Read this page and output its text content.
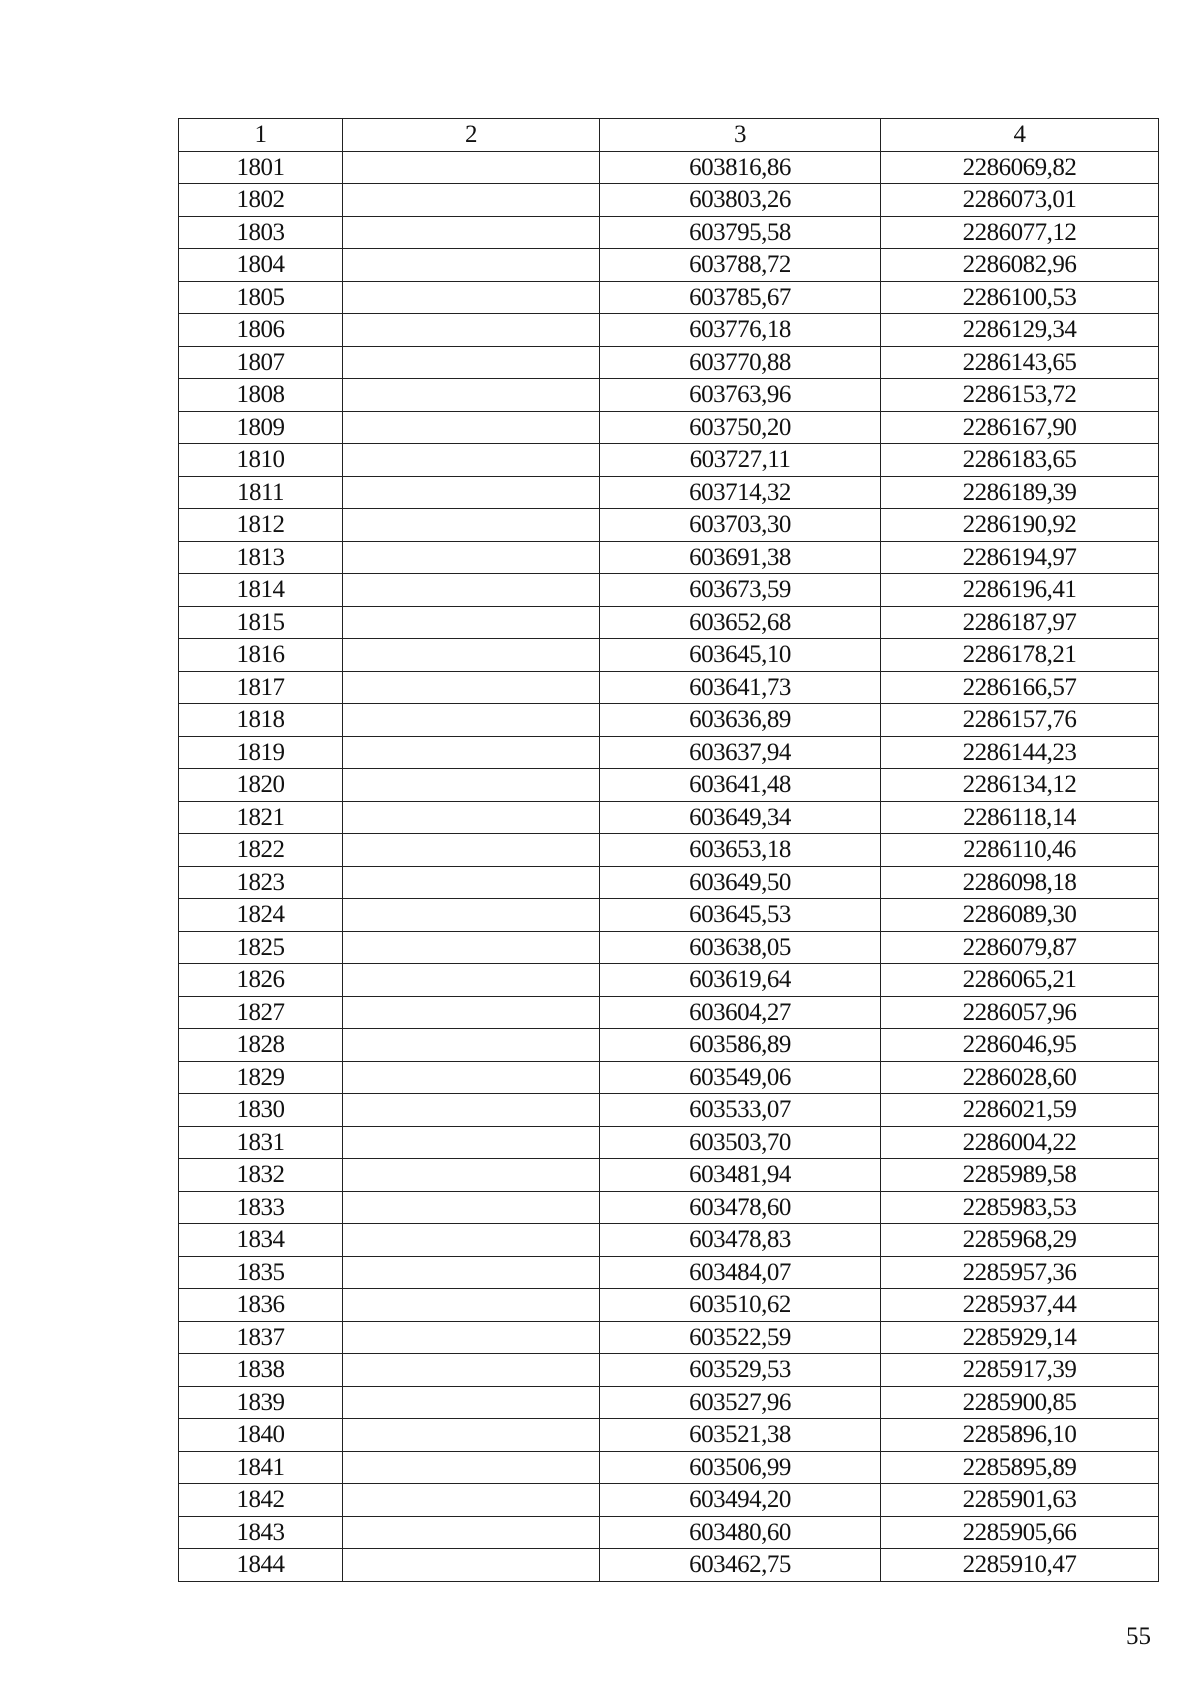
1	2	3	4
1801		603816,86	2286069,82
1802		603803,26	2286073,01
1803		603795,58	2286077,12
1804		603788,72	2286082,96
1805		603785,67	2286100,53
1806		603776,18	2286129,34
1807		603770,88	2286143,65
1808		603763,96	2286153,72
1809		603750,20	2286167,90
1810		603727,11	2286183,65
1811		603714,32	2286189,39
1812		603703,30	2286190,92
1813		603691,38	2286194,97
1814		603673,59	2286196,41
1815		603652,68	2286187,97
1816		603645,10	2286178,21
1817		603641,73	2286166,57
1818		603636,89	2286157,76
1819		603637,94	2286144,23
1820		603641,48	2286134,12
1821		603649,34	2286118,14
1822		603653,18	2286110,46
1823		603649,50	2286098,18
1824		603645,53	2286089,30
1825		603638,05	2286079,87
1826		603619,64	2286065,21
1827		603604,27	2286057,96
1828		603586,89	2286046,95
1829		603549,06	2286028,60
1830		603533,07	2286021,59
1831		603503,70	2286004,22
1832		603481,94	2285989,58
1833		603478,60	2285983,53
1834		603478,83	2285968,29
1835		603484,07	2285957,36
1836		603510,62	2285937,44
1837		603522,59	2285929,14
1838		603529,53	2285917,39
1839		603527,96	2285900,85
1840		603521,38	2285896,10
1841		603506,99	2285895,89
1842		603494,20	2285901,63
1843		603480,60	2285905,66
1844		603462,75	2285910,47
55
